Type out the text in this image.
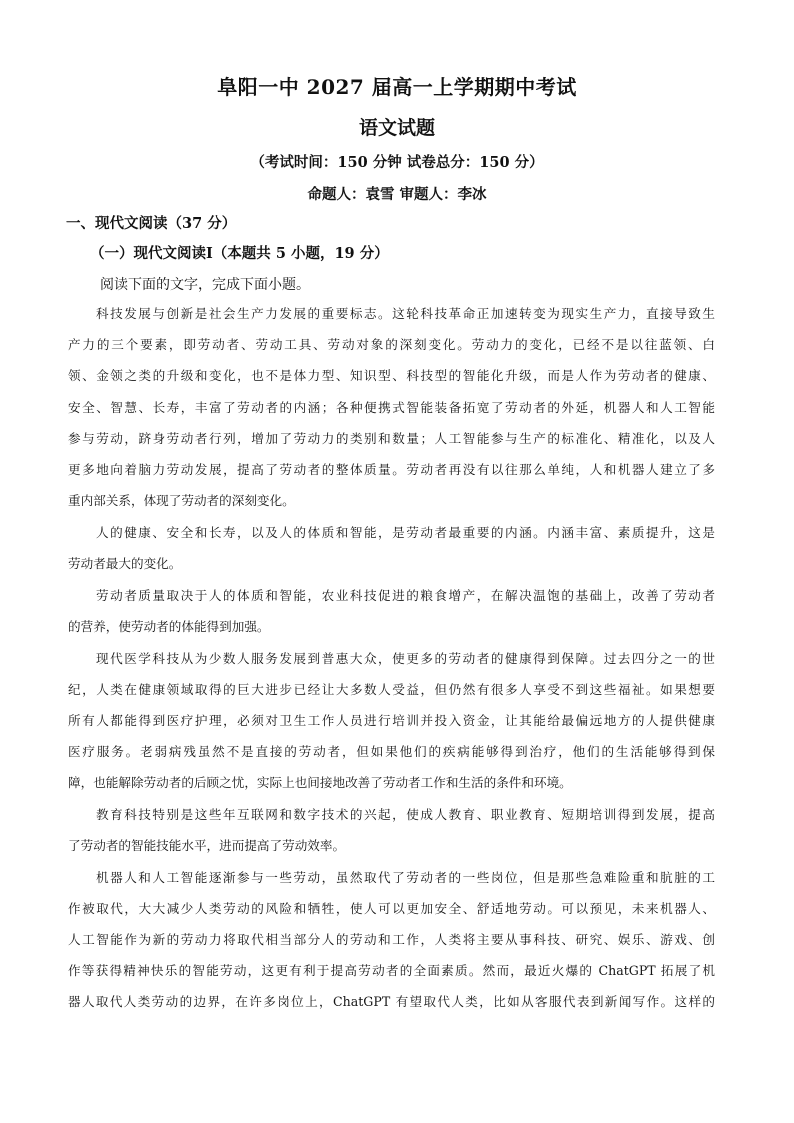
阜阳一中 2027 届高一上学期期中考试
语文试题
（考试时间：150 分钟 试卷总分：150 分）
命题人：袁雪 审题人：李冰
一、现代文阅读（37 分）
（一）现代文阅读Ⅰ（本题共 5 小题，19 分）
阅读下面的文字，完成下面小题。
科技发展与创新是社会生产力发展的重要标志。这轮科技革命正加速转变为现实生产力，直接导致生
产力的三个要素，即劳动者、劳动工具、劳动对象的深刻变化。劳动力的变化，已经不是以往蓝领、白
领、金领之类的升级和变化，也不是体力型、知识型、科技型的智能化升级，而是人作为劳动者的健康、
安全、智慧、长寿，丰富了劳动者的内涵；各种便携式智能装备拓宽了劳动者的外延，机器人和人工智能
参与劳动，跻身劳动者行列，增加了劳动力的类别和数量；人工智能参与生产的标准化、精准化，以及人
更多地向着脑力劳动发展，提高了劳动者的整体质量。劳动者再没有以往那么单纯，人和机器人建立了多
重内部关系，体现了劳动者的深刻变化。
人的健康、安全和长寿，以及人的体质和智能，是劳动者最重要的内涵。内涵丰富、素质提升，这是
劳动者最大的变化。
劳动者质量取决于人的体质和智能，农业科技促进的粮食增产，在解决温饱的基础上，改善了劳动者
的营养，使劳动者的体能得到加强。
现代医学科技从为少数人服务发展到普惠大众，使更多的劳动者的健康得到保障。过去四分之一的世
纪，人类在健康领域取得的巨大进步已经让大多数人受益，但仍然有很多人享受不到这些福祉。如果想要
所有人都能得到医疗护理，必须对卫生工作人员进行培训并投入资金，让其能给最偏远地方的人提供健康
医疗服务。老弱病残虽然不是直接的劳动者，但如果他们的疾病能够得到治疗，他们的生活能够得到保
障，也能解除劳动者的后顾之忧，实际上也间接地改善了劳动者工作和生活的条件和环境。
教育科技特别是这些年互联网和数字技术的兴起，使成人教育、职业教育、短期培训得到发展，提高
了劳动者的智能技能水平，进而提高了劳动效率。
机器人和人工智能逐渐参与一些劳动，虽然取代了劳动者的一些岗位，但是那些急难险重和肮脏的工
作被取代，大大减少人类劳动的风险和牺牲，使人可以更加安全、舒适地劳动。可以预见，未来机器人、
人工智能作为新的劳动力将取代相当部分人的劳动和工作，人类将主要从事科技、研究、娱乐、游戏、创
作等获得精神快乐的智能劳动，这更有利于提高劳动者的全面素质。然而，最近火爆的 ChatGPT 拓展了机
器人取代人类劳动的边界，在许多岗位上，ChatGPT 有望取代人类，比如从客服代表到新闻写作。这样的
